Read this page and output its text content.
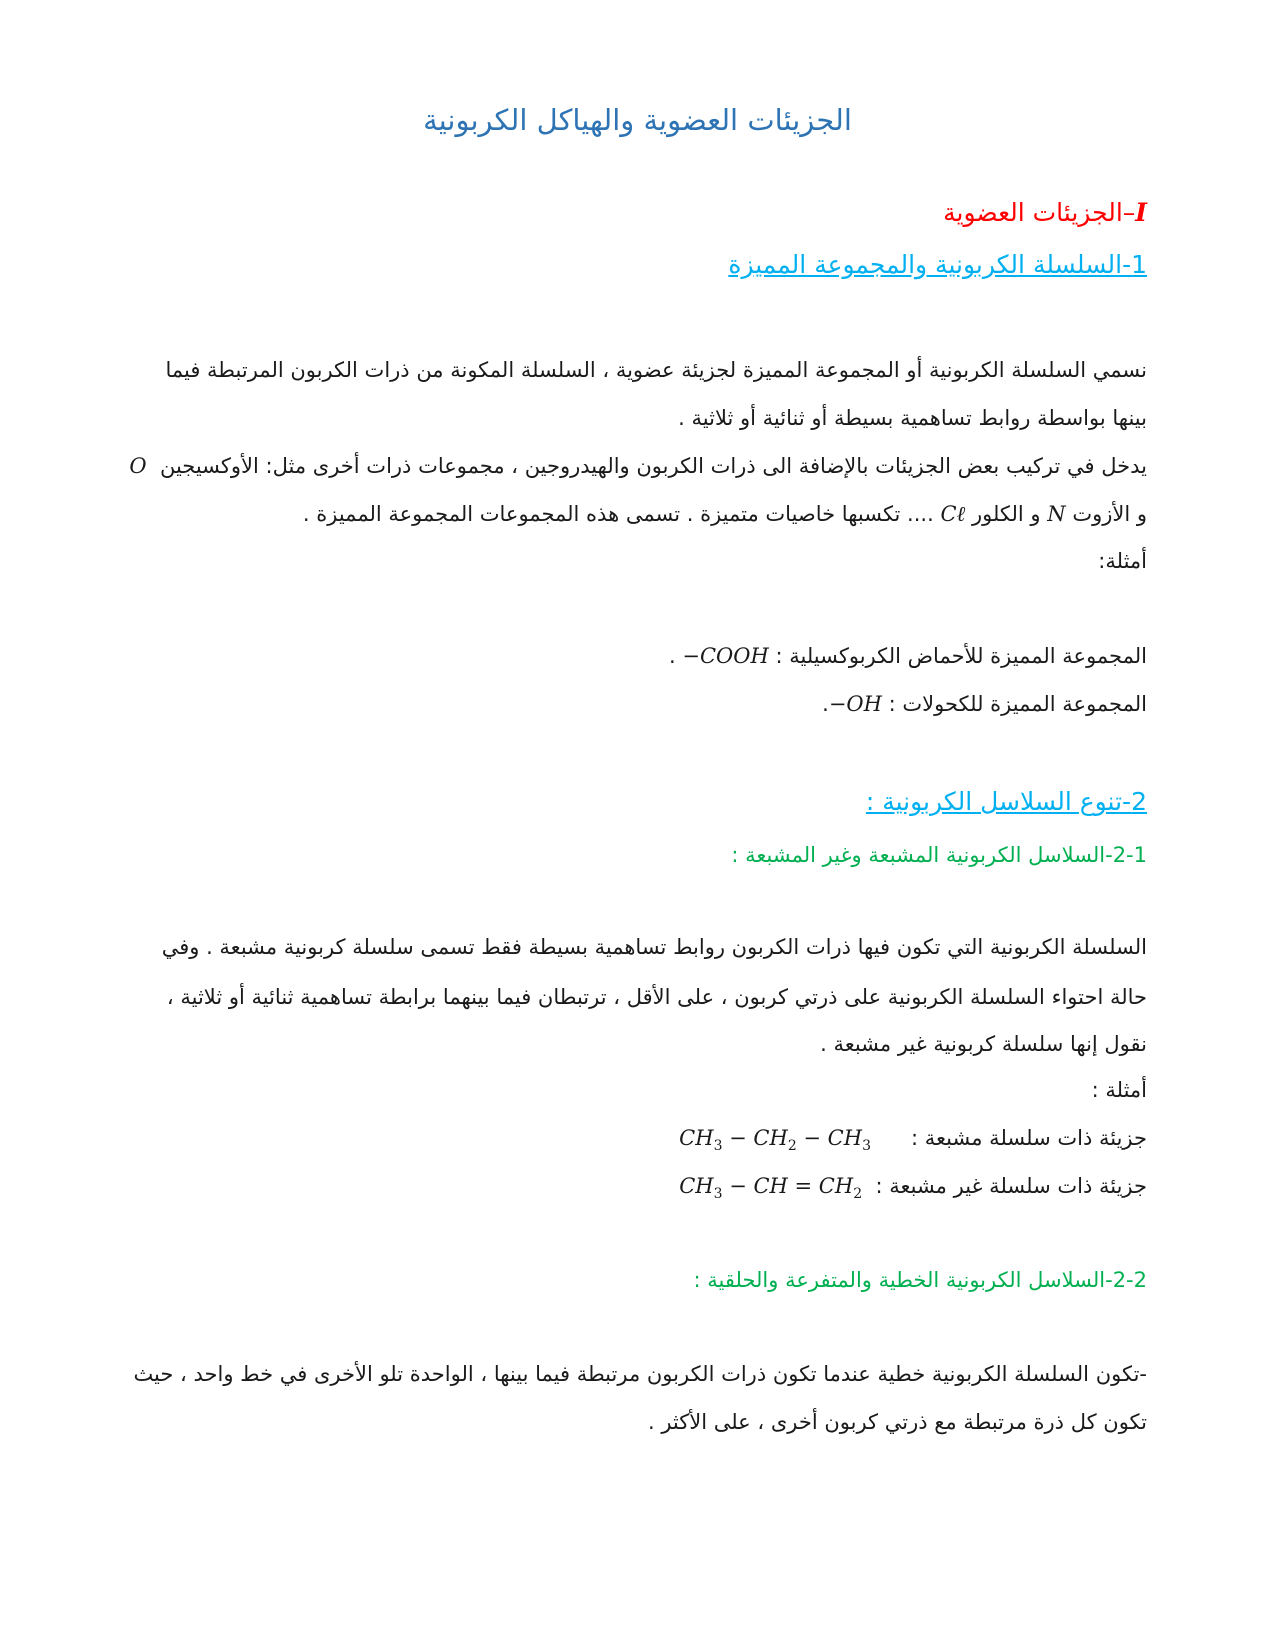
الجزيئات العضوية والهياكل الكربونية
I–الجزيئات العضوية
1-السلسلة الكربونية والمجموعة المميزة
نسمي السلسلة الكربونية أو المجموعة المميزة لجزيئة عضوية ، السلسلة المكونة من ذرات الكربون المرتبطة فيما
بينها بواسطة روابط تساهمية بسيطة أو ثنائية أو ثلاثية .
يدخل في تركيب بعض الجزيئات بالإضافة الى ذرات الكربون والهيدروجين ، مجموعات ذرات أخرى مثل: الأوكسيجين  O
و الأزوت N و الكلور Cℓ .... تكسبها خاصيات متميزة . تسمى هذه المجموعات المجموعة المميزة .
أمثلة:
المجموعة المميزة للأحماض الكربوكسيلية : −COOH .
المجموعة المميزة للكحولات : −OH.
2-تنوع السلاسل الكربونية :
2-1-السلاسل الكربونية المشبعة وغير المشبعة :
السلسلة الكربونية التي تكون فيها ذرات الكربون روابط تساهمية بسيطة فقط تسمى سلسلة كربونية مشبعة . وفي
حالة احتواء السلسلة الكربونية على ذرتي كربون ، على الأقل ، ترتبطان فيما بينهما برابطة تساهمية ثنائية أو ثلاثية ،
نقول إنها سلسلة كربونية غير مشبعة .
أمثلة :
جزيئة ذات سلسلة مشبعة :      $CH_3 - CH_2 - CH_3$
جزيئة ذات سلسلة غير مشبعة :  $CH_3$ − CH = $CH_2$
2-2-السلاسل الكربونية الخطية والمتفرعة والحلقية :
-تكون السلسلة الكربونية خطية عندما تكون ذرات الكربون مرتبطة فيما بينها ، الواحدة تلو الأخرى في خط واحد ، حيث
تكون كل ذرة مرتبطة مع ذرتي كربون أخرى ، على الأكثر .
